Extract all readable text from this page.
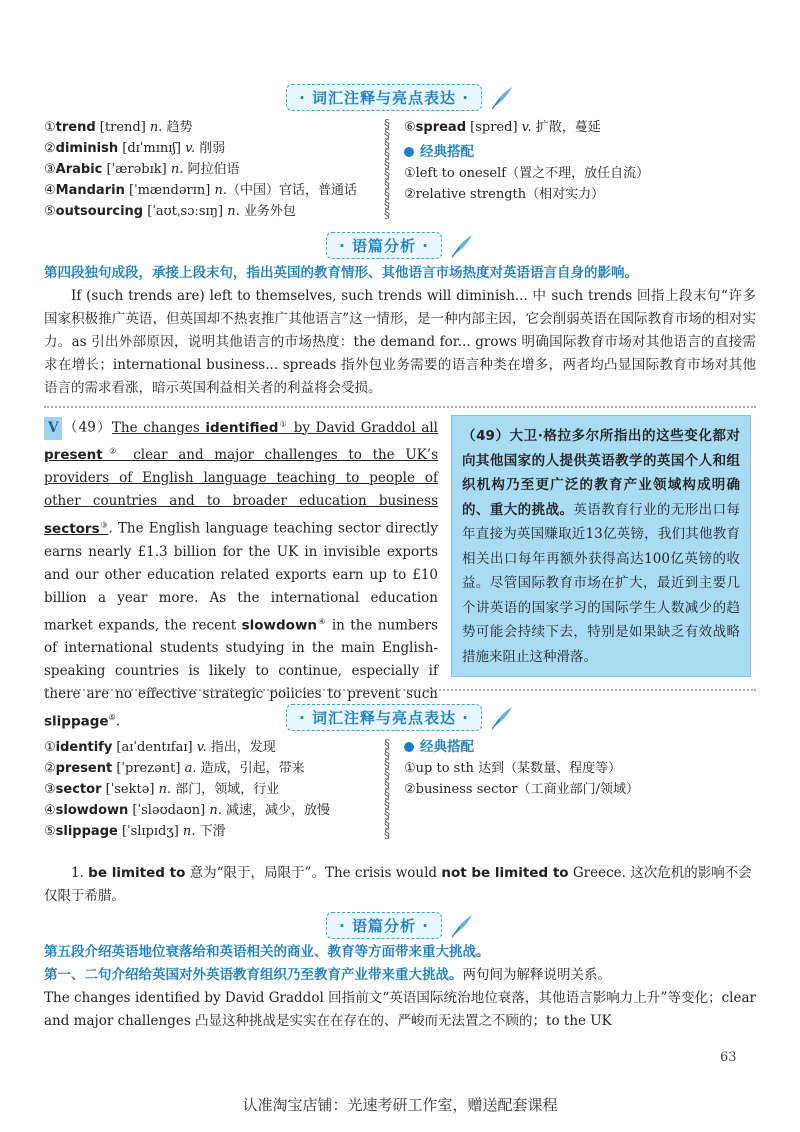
· 词汇注释与亮点表达 ·
①trend [trend] n. 趋势
②diminish [dɪˈmɪnɪʃ] v. 削弱
③Arabic [ˈærəbɪk] n. 阿拉伯语
④Mandarin [ˈmændərɪn] n.（中国）官话，普通话
⑤outsourcing [ˈaʊtˌsɔːsɪŋ] n. 业务外包
§
§
§
§
§
§
§
§
§
§
⑥spread [spred] v. 扩散，蔓延
经典搭配
①left to oneself（置之不理，放任自流）
②relative strength（相对实力）
· 语篇分析 ·

第四段独句成段，承接上段末句，指出英国的教育情形、其他语言市场热度对英语语言自身的影响。

If (such trends are) left to themselves, such trends will diminish... 中 such trends 回指上段末句“许多国家积极推广英语，但英国却不热衷推广其他语言”这一情形，是一种内部主因，它会削弱英语在国际教育市场的相对实力。as 引出外部原因，说明其他语言的市场热度：the demand for... grows 明确国际教育市场对其他语言的直接需求在增长；international business... spreads 指外包业务需要的语言种类在增多，两者均凸显国际教育市场对其他语言的需求看涨，暗示英国利益相关者的利益将会受损。

V （49）The changes identified① by David Graddol all present② clear and major challenges to the UK’s providers of English language teaching to people of other countries and to broader education business sectors③. The English language teaching sector directly earns nearly £1.3 billion for the UK in invisible exports and our other education related exports earn up to £10 billion a year more. As the international education market expands, the recent slowdown④ in the numbers of international students studying in the main English-speaking countries is likely to continue, especially if there are no effective strategic policies to prevent such slippage⑤.
（49）大卫·格拉多尔所指出的这些变化都对向其他国家的人提供英语教学的英国个人和组织机构乃至更广泛的教育产业领域构成明确的、重大的挑战。英语教育行业的无形出口每年直接为英国赚取近13亿英镑，我们其他教育相关出口每年再额外获得高达100亿英镑的收益。尽管国际教育市场在扩大，最近到主要几个讲英语的国家学习的国际学生人数减少的趋势可能会持续下去，特别是如果缺乏有效战略措施来阻止这种滑落。
· 词汇注释与亮点表达 ·
①identify [aɪˈdentɪfaɪ] v. 指出，发现
②present [ˈprezənt] a. 造成，引起，带来
③sector [ˈsektə] n. 部门，领域，行业
④slowdown [ˈsləʊdaʊn] n. 减速，减少，放慢
⑤slippage [ˈslɪpɪdʒ] n. 下滑
§
§
§
§
§
§
§
§
§
§
经典搭配
①up to sth 达到（某数量、程度等）
②business sector（工商业部门/领域）
1. be limited to 意为“限于，局限于”。The crisis would not be limited to Greece. 这次危机的影响不会仅限于希腊。
· 语篇分析 ·

第五段介绍英语地位衰落给和英语相关的商业、教育等方面带来重大挑战。

第一、二句介绍给英国对外英语教育组织乃至教育产业带来重大挑战。两句间为解释说明关系。

The changes identified by David Graddol 回指前文“英语国际统治地位衰落，其他语言影响力上升”等变化；clear and major challenges 凸显这种挑战是实实在在存在的、严峻而无法置之不顾的；to the UK

63
认准淘宝店铺：光速考研工作室，赠送配套课程
